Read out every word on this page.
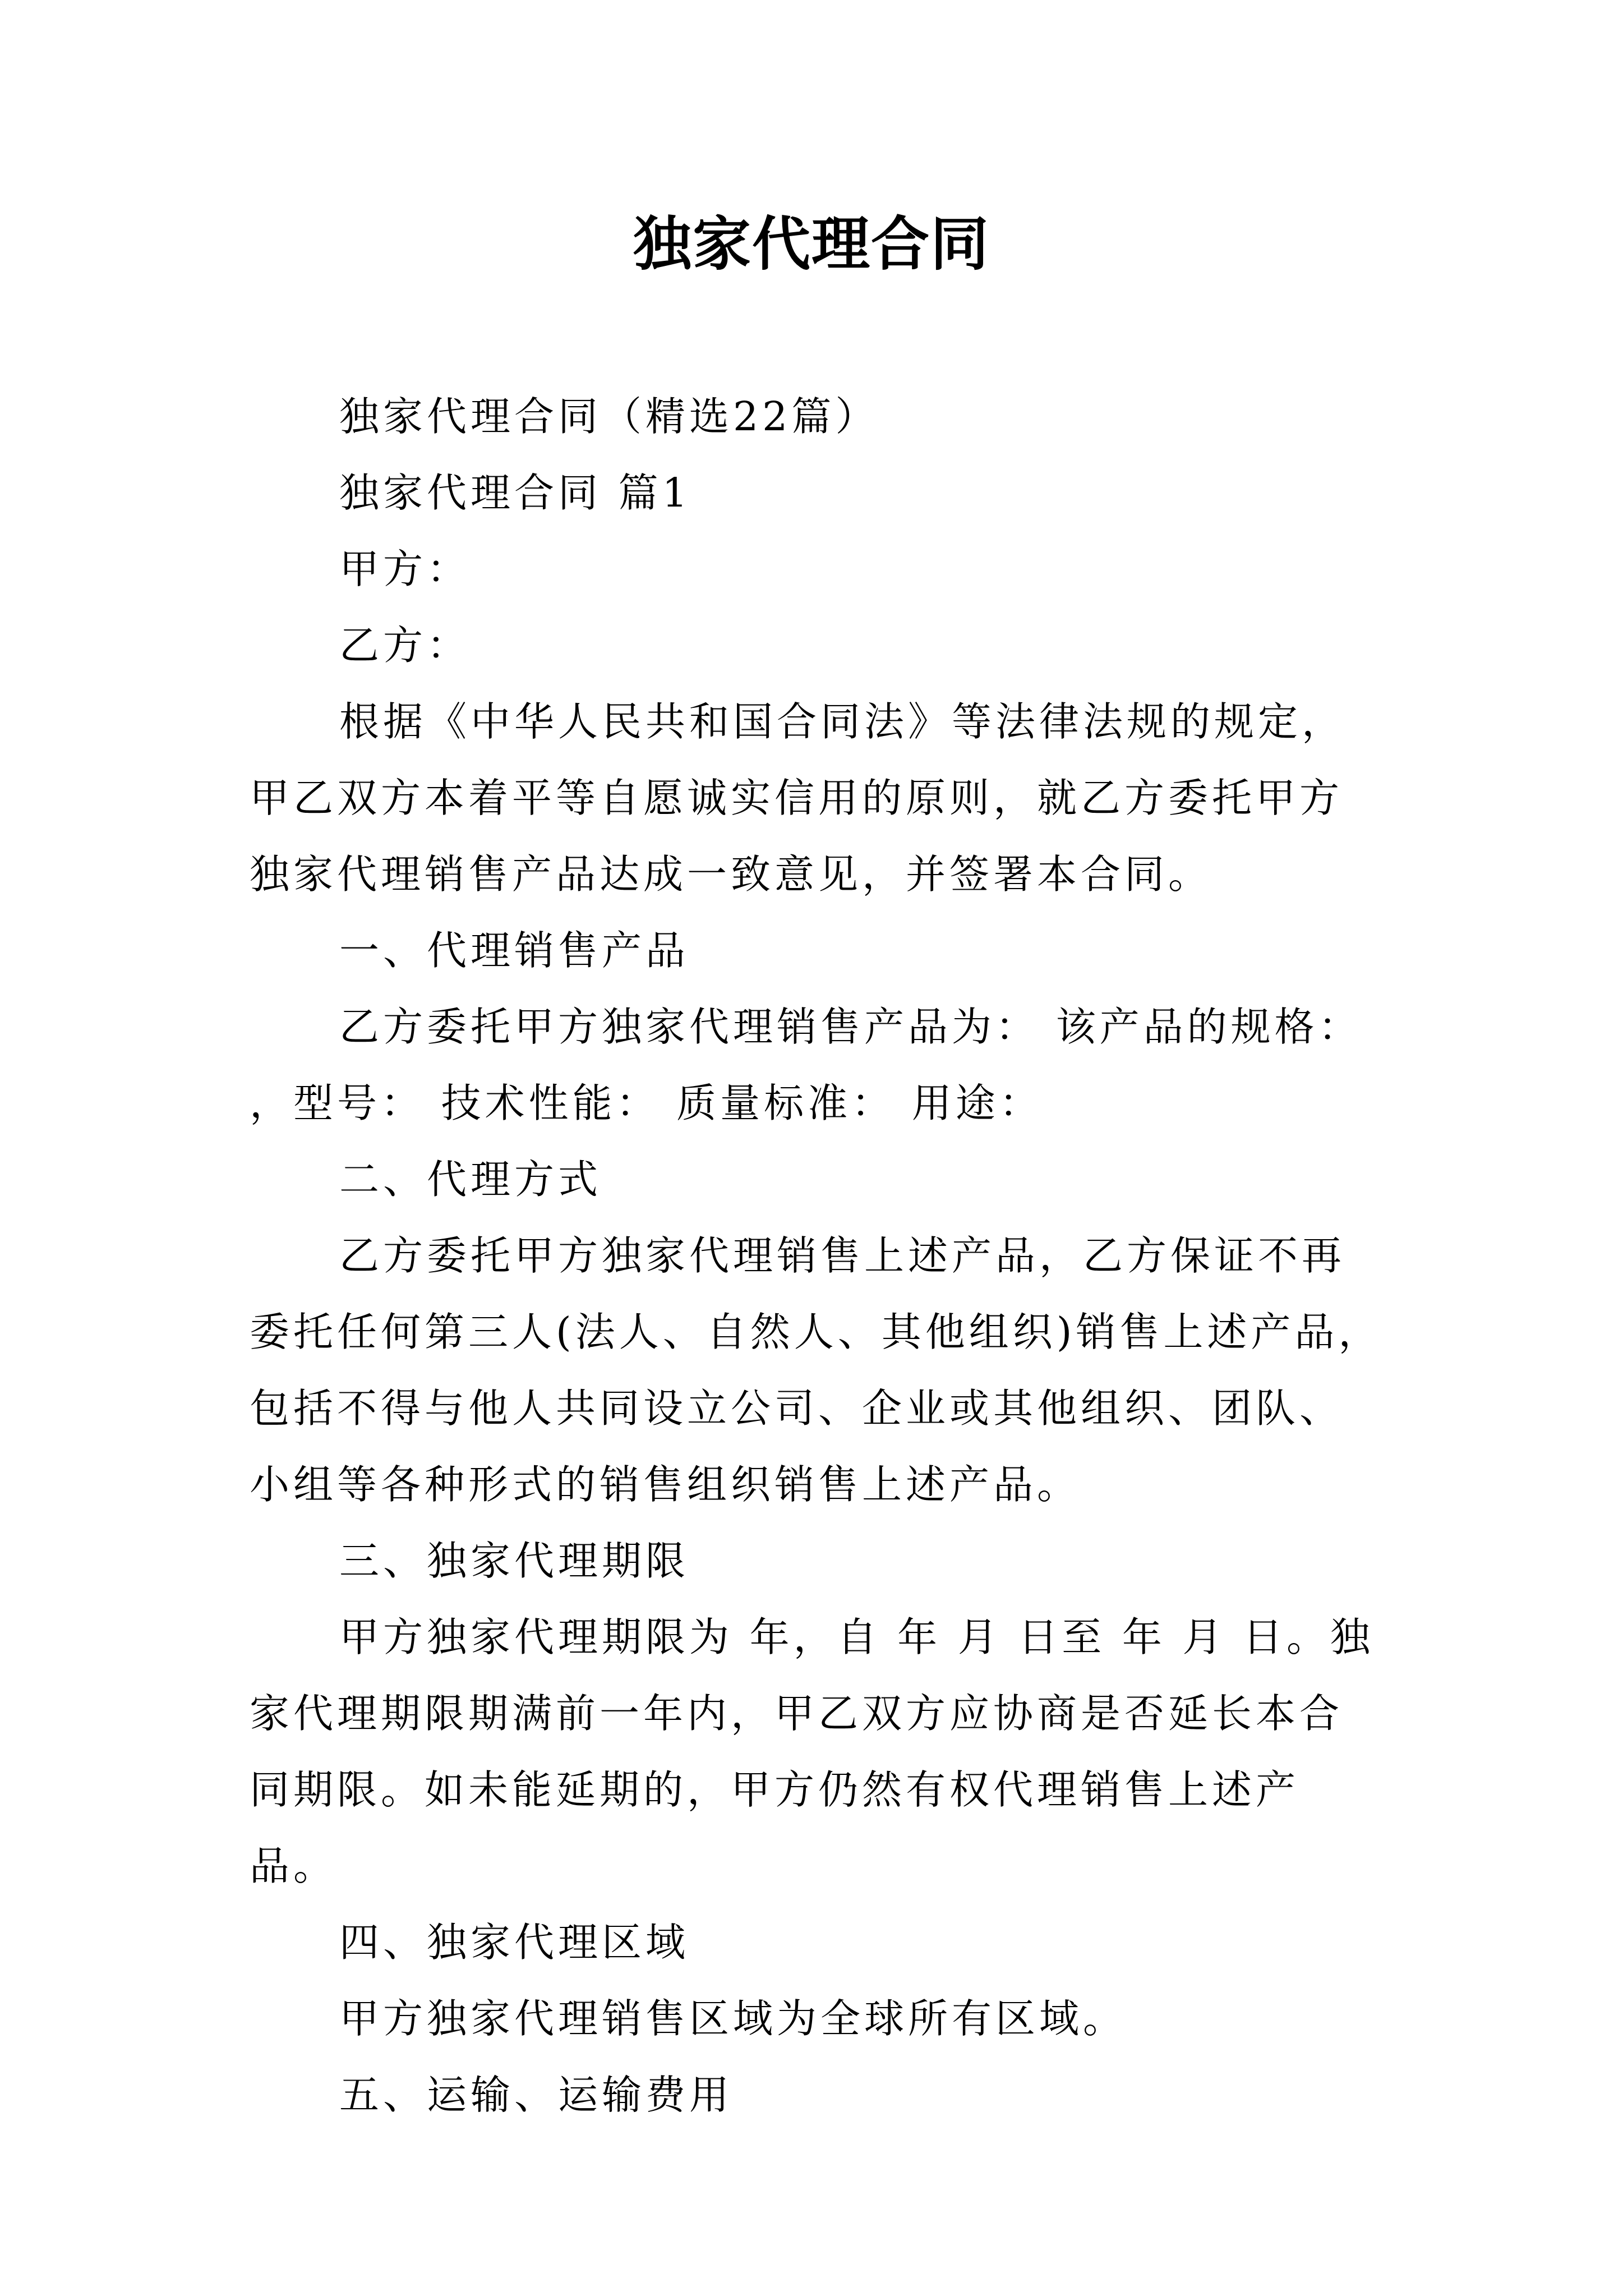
独家代理合同

独家代理合同（精选22篇）

独家代理合同 篇1

甲方：

乙方：

根据《中华人民共和国合同法》等法律法规的规定，甲乙双方本着平等自愿诚实信用的原则，就乙方委托甲方独家代理销售产品达成一致意见，并签署本合同。

一、代理销售产品

乙方委托甲方独家代理销售产品为： 该产品的规格： ，型号： 技术性能： 质量标准： 用途：

二、代理方式

乙方委托甲方独家代理销售上述产品，乙方保证不再委托任何第三人(法人、自然人、其他组织)销售上述产品，包括不得与他人共同设立公司、企业或其他组织、团队、小组等各种形式的销售组织销售上述产品。

三、独家代理期限

甲方独家代理期限为 年，自 年 月 日至 年 月 日。独家代理期限期满前一年内，甲乙双方应协商是否延长本合同期限。如未能延期的，甲方仍然有权代理销售上述产品。

四、独家代理区域

甲方独家代理销售区域为全球所有区域。

五、运输、运输费用
